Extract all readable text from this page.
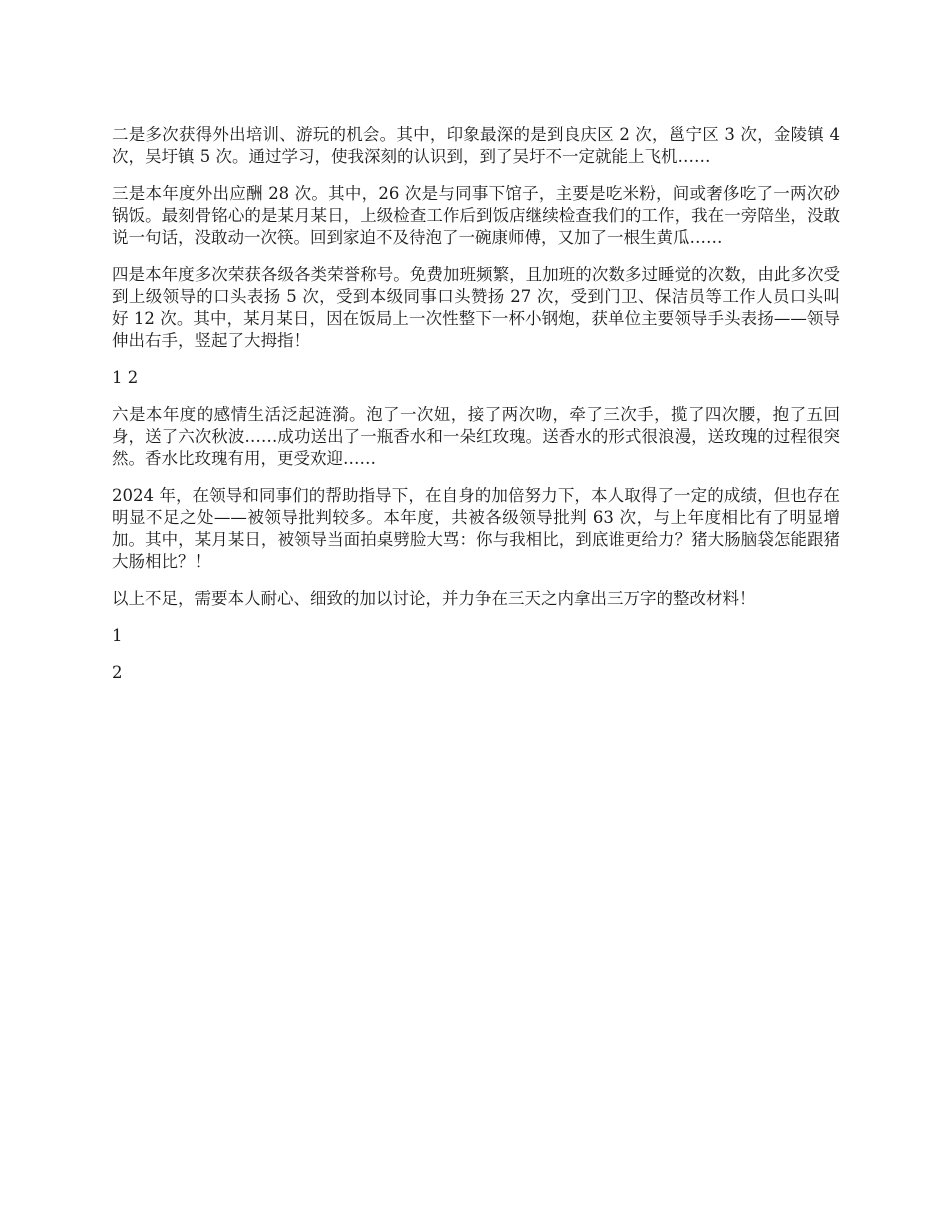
二是多次获得外出培训、游玩的机会。其中，印象最深的是到良庆区 2 次，邕宁区 3 次，金陵镇 4 次，吴圩镇 5 次。通过学习，使我深刻的认识到，到了吴圩不一定就能上飞机……

三是本年度外出应酬 28 次。其中，26 次是与同事下馆子，主要是吃米粉，间或奢侈吃了一两次砂锅饭。最刻骨铭心的是某月某日，上级检查工作后到饭店继续检查我们的工作，我在一旁陪坐，没敢说一句话，没敢动一次筷。回到家迫不及待泡了一碗康师傅，又加了一根生黄瓜……

四是本年度多次荣获各级各类荣誉称号。免费加班频繁，且加班的次数多过睡觉的次数，由此多次受到上级领导的口头表扬 5 次，受到本级同事口头赞扬 27 次，受到门卫、保洁员等工作人员口头叫好 12 次。其中，某月某日，因在饭局上一次性整下一杯小钢炮，获单位主要领导手头表扬——领导伸出右手，竖起了大拇指！

1 2

六是本年度的感情生活泛起涟漪。泡了一次妞，接了两次吻，牵了三次手，揽了四次腰，抱了五回身，送了六次秋波……成功送出了一瓶香水和一朵红玫瑰。送香水的形式很浪漫，送玫瑰的过程很突然。香水比玫瑰有用，更受欢迎……

2024 年，在领导和同事们的帮助指导下，在自身的加倍努力下，本人取得了一定的成绩，但也存在明显不足之处——被领导批判较多。本年度，共被各级领导批判 63 次，与上年度相比有了明显增加。其中，某月某日，被领导当面拍桌劈脸大骂：你与我相比，到底谁更给力？猪大肠脑袋怎能跟猪大肠相比？！

以上不足，需要本人耐心、细致的加以讨论，并力争在三天之内拿出三万字的整改材料！

1

2
